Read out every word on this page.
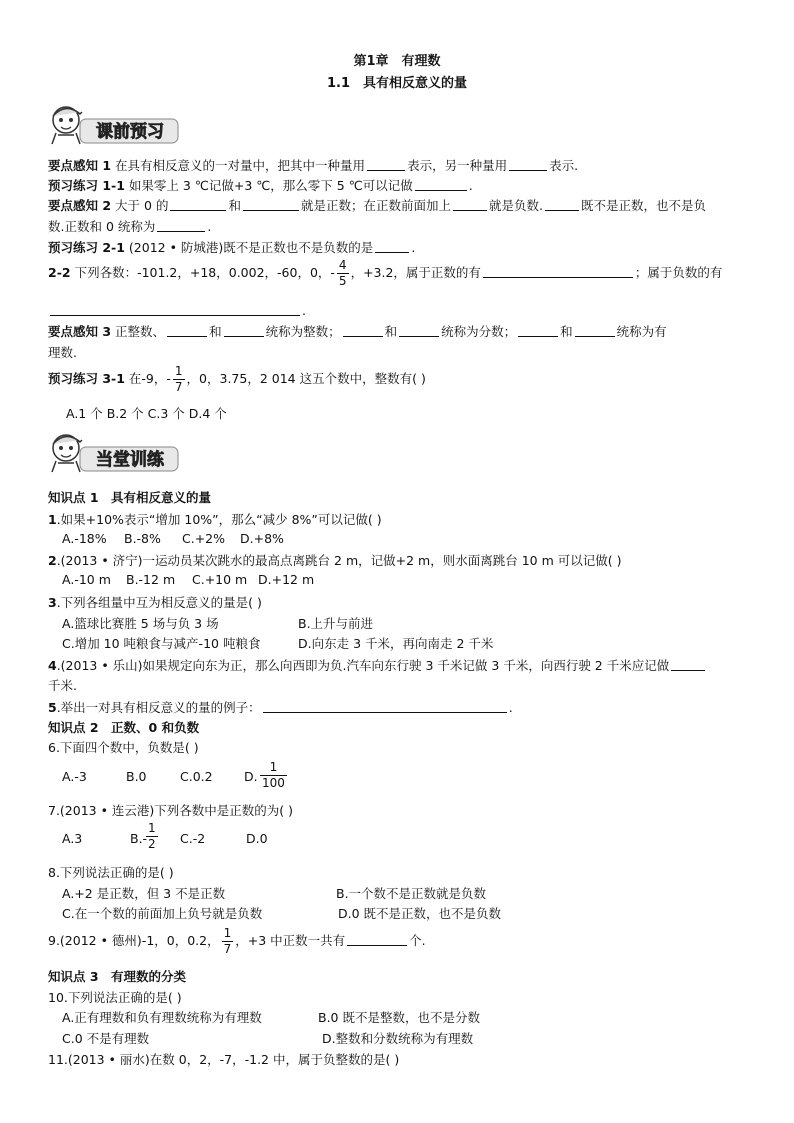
第1章　有理数
1.1　具有相反意义的量
课前预习
要点感知 1 在具有相反意义的一对量中，把其中一种量用	表示，另一种量用	表示.
预习练习 1-1 如果零上 3 ℃记做+3 ℃，那么零下 5 ℃可以记做	.
要点感知 2 大于 0 的	和	就是正数；在正数前面加上	就是负数.	既不是正数，也不是负
数.正数和 0 统称为	.
预习练习 2-1 (2012 • 防城港)既不是正数也不是负数的是	.
2-2 下列各数：-101.2，+18，0.002，-60，0，- $\frac{4}{5}$ ，+3.2，属于正数的有	；属于负数的有
.
要点感知 3 正整数、	和	统称为整数；	和	统称为分数；	和	统称为有
理数.
预习练习 3-1 在-9，- $\frac{1}{7}$ ，0，3.75，2 014 这五个数中，整数有( )
A.1 个 B.2 个 C.3 个 D.4 个
当堂训练
知识点 1　具有相反意义的量
1.如果+10%表示“增加 10%”，那么“减少 8%”可以记做( )
A.-18% B.-8% C.+2% D.+8%
2.(2013 • 济宁)一运动员某次跳水的最高点离跳台 2 m，记做+2 m，则水面离跳台 10 m 可以记做( )
A.-10 m B.-12 m C.+10 m D.+12 m
3.下列各组量中互为相反意义的量是( )
A.篮球比赛胜 5 场与负 3 场	B.上升与前进
C.增加 10 吨粮食与减产-10 吨粮食	D.向东走 3 千米，再向南走 2 千米
4.(2013 • 乐山)如果规定向东为正，那么向西即为负.汽车向东行驶 3 千米记做 3 千米，向西行驶 2 千米应记做
千米.
5.举出一对具有相反意义的量的例子：	.
知识点 2　正数、0 和负数
6.下面四个数中，负数是( )
A.-3	B.0	C.0.2	D. $\frac{1}{100}$
7.(2013 • 连云港)下列各数中是正数的为( )
A.3	B.-
$\frac{1}{2} C.-2$	D.0
8.下列说法正确的是( )
A.+2 是正数，但 3 不是正数	B.一个数不是正数就是负数
C.在一个数的前面加上负号就是负数	D.0 既不是正数，也不是负数
9.(2012 • 德州)-1，0，0.2， $\frac{1}{7}$ ，+3 中正数一共有	个.
知识点 3　有理数的分类
10.下列说法正确的是( )
A.正有理数和负有理数统称为有理数	B.0 既不是整数，也不是分数
C.0 不是有理数	D.整数和分数统称为有理数
11.(2013 • 丽水)在数 0，2，-7，-1.2 中，属于负整数的是( )
